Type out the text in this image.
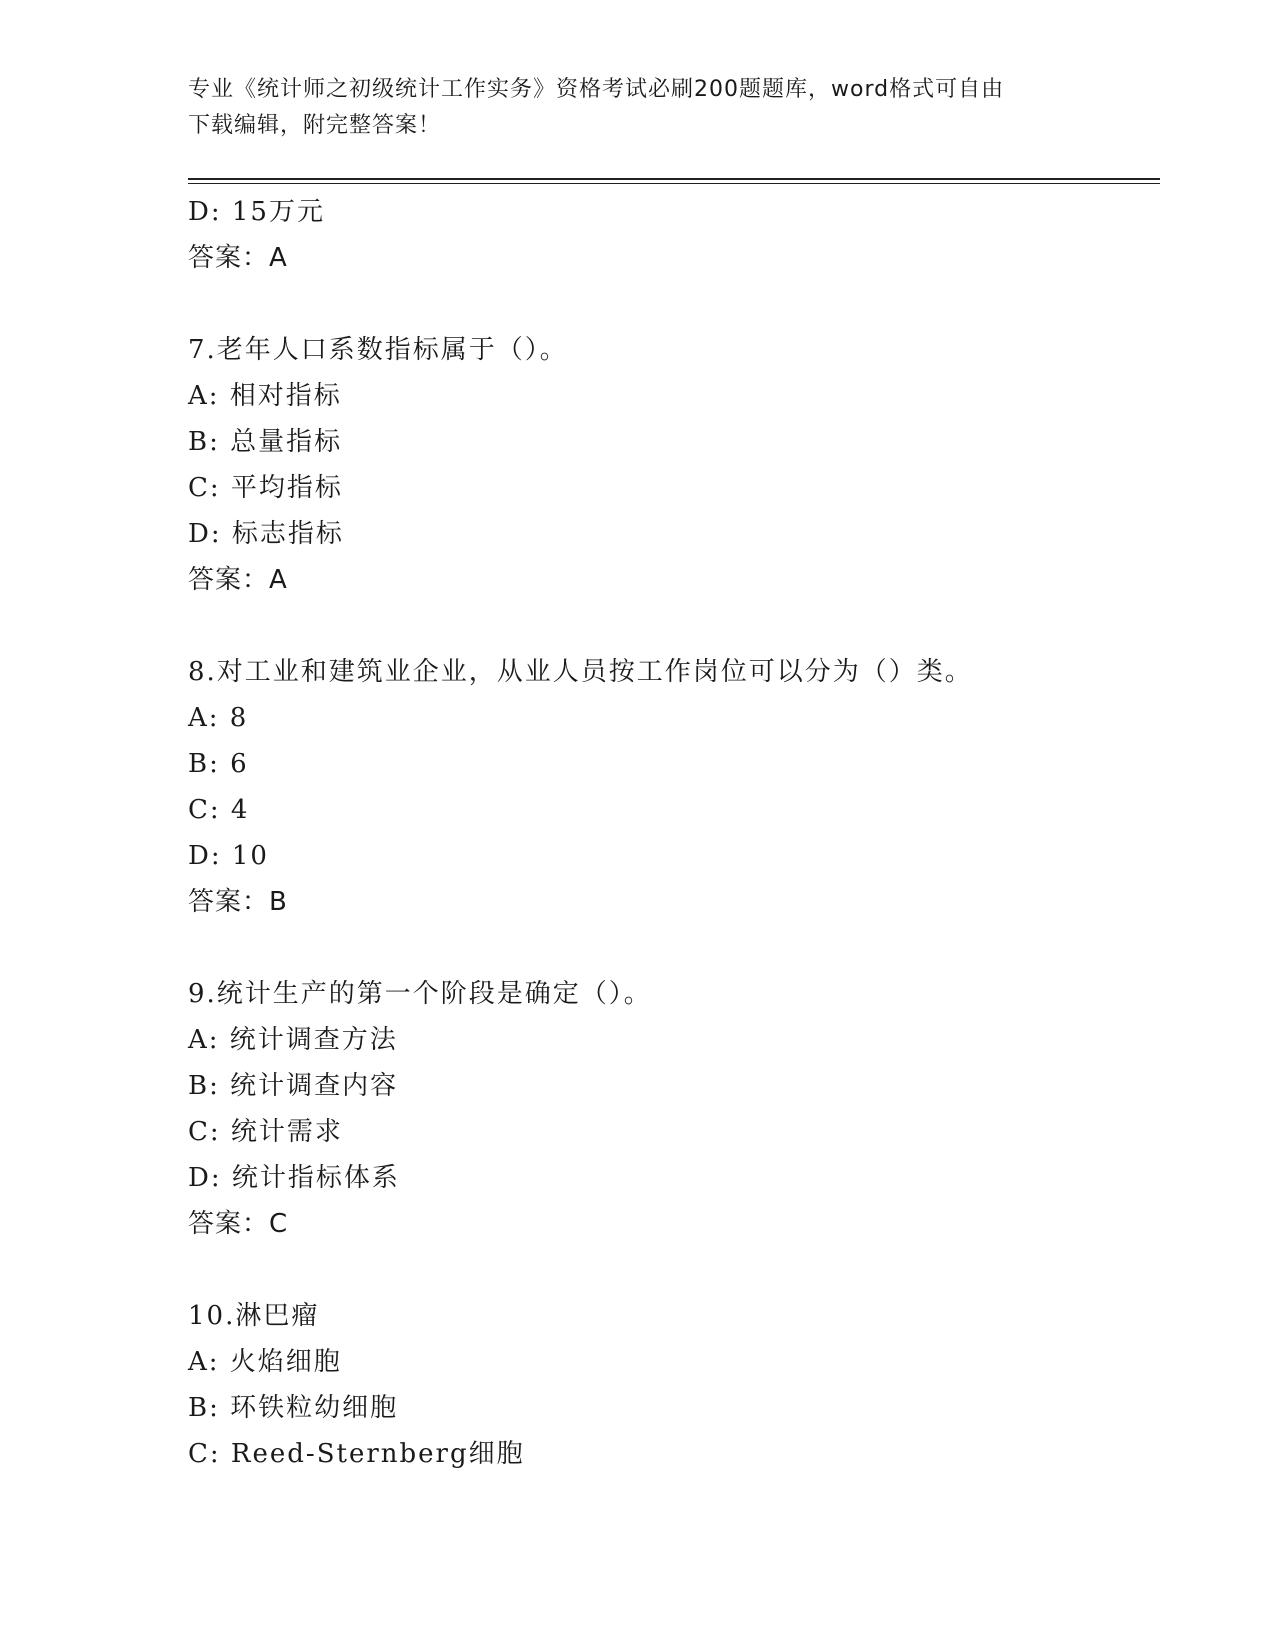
专业《统计师之初级统计工作实务》资格考试必刷200题题库，word格式可自由
下载编辑，附完整答案！
D: 15万元
答案：A
7.老年人口系数指标属于（）。
A: 相对指标
B: 总量指标
C: 平均指标
D: 标志指标
答案：A
8.对工业和建筑业企业，从业人员按工作岗位可以分为（）类。
A: 8
B: 6
C: 4
D: 10
答案：B
9.统计生产的第一个阶段是确定（）。
A: 统计调查方法
B: 统计调查内容
C: 统计需求
D: 统计指标体系
答案：C
10.淋巴瘤
A: 火焰细胞
B: 环铁粒幼细胞
C: Reed-Sternberg细胞
